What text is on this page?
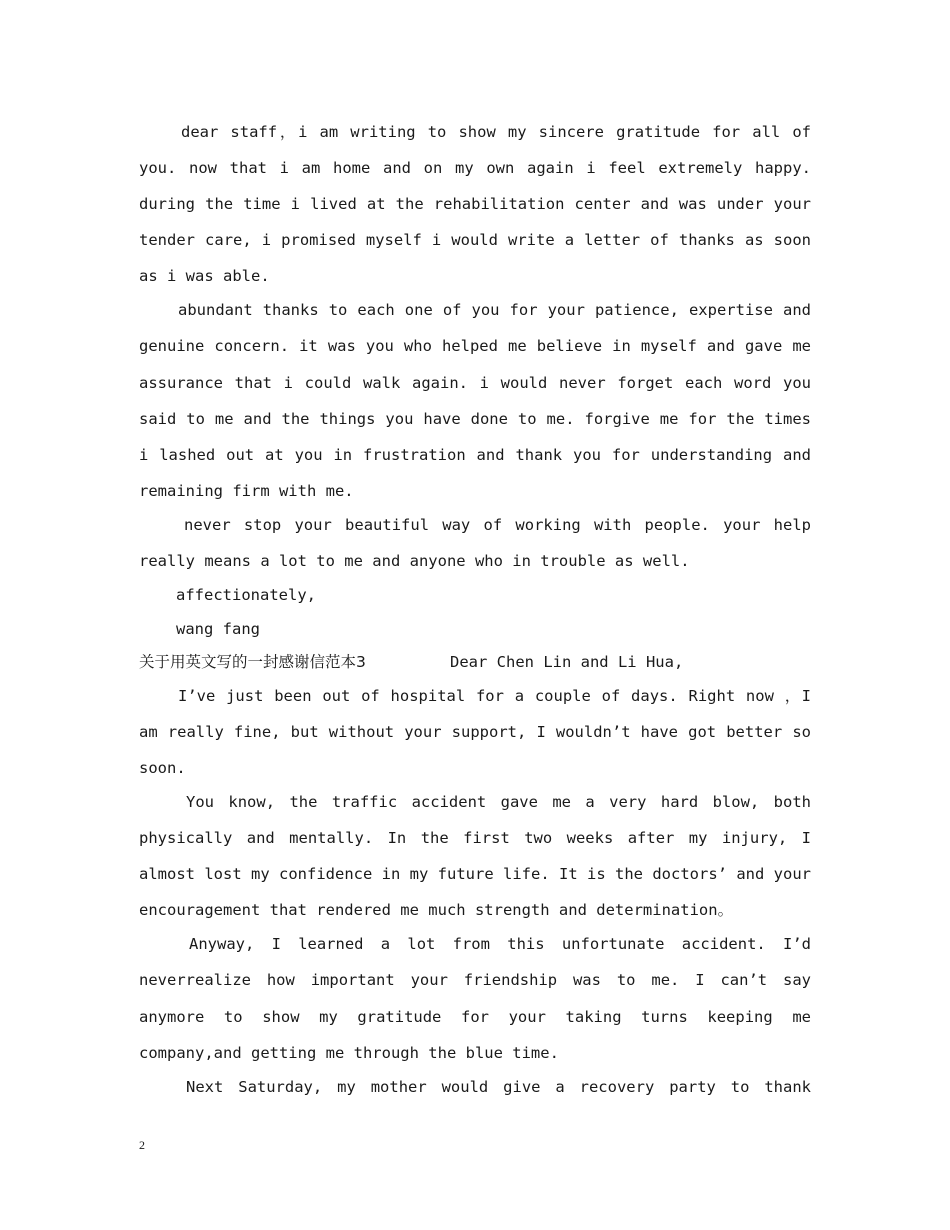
dear staff，i am writing to show my sincere gratitude for all of
you. now that i am home and on my own again i feel extremely happy.
during the time i lived at the rehabilitation center and was under your
tender care, i promised myself i would write a letter of thanks as soon
as i was able.
abundant thanks to each one of you for your patience, expertise and
genuine concern. it was you who helped me believe in myself and gave me
assurance that i could walk again. i would never forget each word you
said to me and the things you have done to me. forgive me for the times
i lashed out at you in frustration and thank you for understanding and
remaining firm with me.
never stop your beautiful way of working with people. your help
really means a lot to me and anyone who in trouble as well.
affectionately,
wang fang
关于用英文写的一封感谢信范本3	Dear Chen Lin and Li Hua,
I’ve just been out of hospital for a couple of days. Right now ，I
am really fine, but without your support, I wouldn’t have got better so
soon.
You know, the traffic accident gave me a very hard blow, both
physically and mentally. In the first two weeks after my injury, I
almost lost my confidence in my future life. It is the doctors’ and your
encouragement that rendered me much strength and determination。
Anyway, I learned a lot from this unfortunate accident. I’d
neverrealize how important your friendship was to me. I can’t say
anymore to show my gratitude for your taking turns keeping me
company,and getting me through the blue time.
Next Saturday, my mother would give a recovery party to thank
2
